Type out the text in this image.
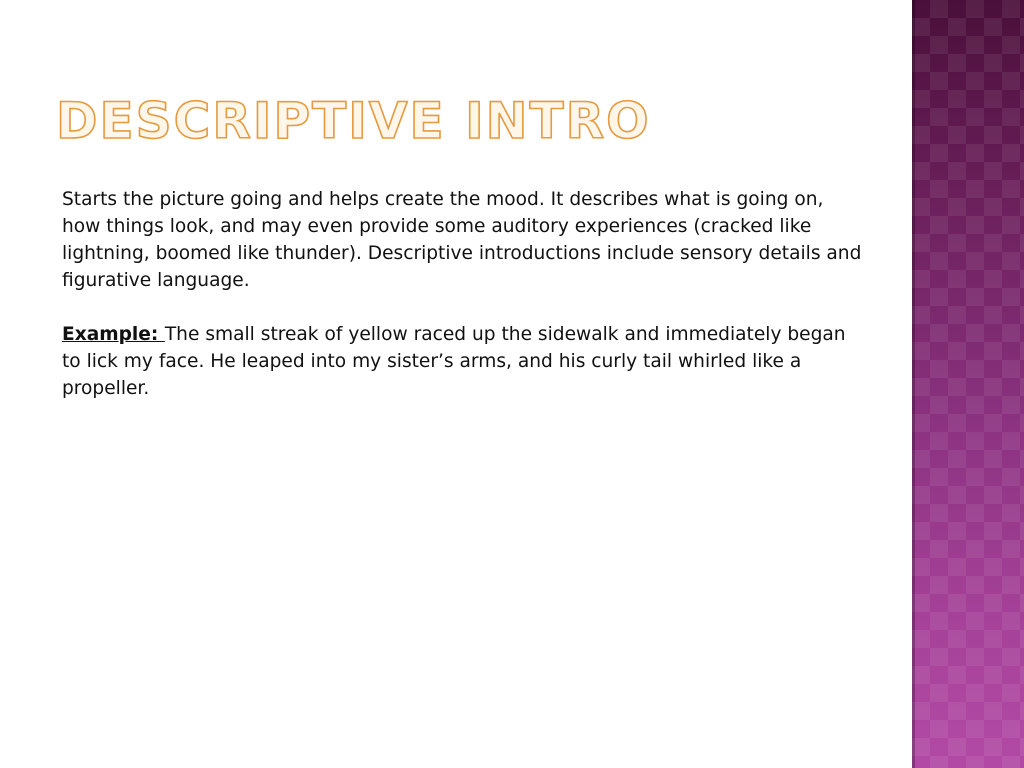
DESCRIPTIVE INTRO

Starts the picture going and helps create the mood. It describes what is going on, how things look, and may even provide some auditory experiences (cracked like lightning, boomed like thunder). Descriptive introductions include sensory details and figurative language.

Example: The small streak of yellow raced up the sidewalk and immediately began to lick my face. He leaped into my sister’s arms, and his curly tail whirled like a propeller.
